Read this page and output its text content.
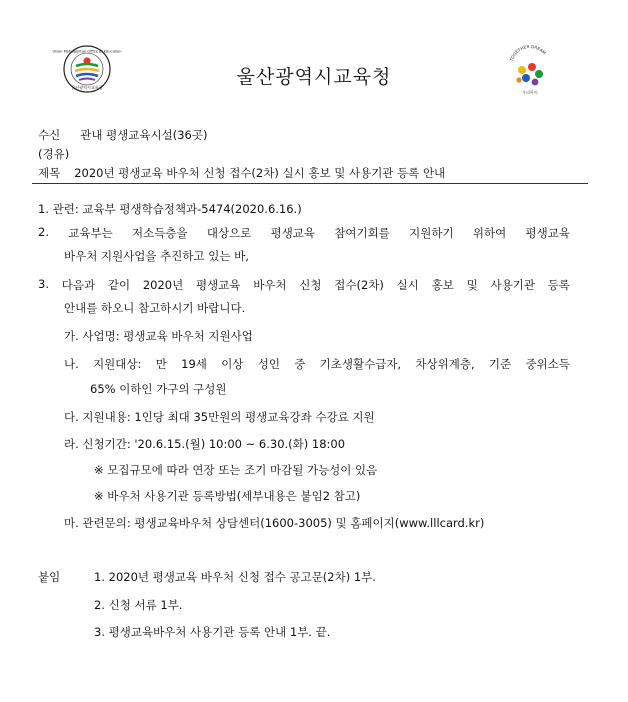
Ulsan Metropolitan Office of Education
울산광역시교육청	울산광역시교육청
TOGETHER DREAM
우리아이
수신 관내 평생교육시설(36곳)
(경유)
제목 2020년 평생교육 바우처 신청 접수(2차) 실시 홍보 및 사용기관 등록 안내
1. 관련: 교육부 평생학습정책과-5474(2020.6.16.)
2. 교육부는 저소득층을 대상으로 평생교육 참여기회를 지원하기 위하여 평생교육
바우처 지원사업을 추진하고 있는 바,
3. 다음과 같이 2020년 평생교육 바우처 신청 접수(2차) 실시 홍보 및 사용기관 등록
안내를 하오니 참고하시기 바랍니다.
가. 사업명: 평생교육 바우처 지원사업
나. 지원대상: 만 19세 이상 성인 중 기초생활수급자, 차상위계층, 기준 중위소득
65% 이하인 가구의 구성원
다. 지원내용: 1인당 최대 35만원의 평생교육강좌 수강료 지원
라. 신청기간: '20.6.15.(월) 10:00 ~ 6.30.(화) 18:00
※ 모집규모에 따라 연장 또는 조기 마감될 가능성이 있음
※ 바우처 사용기관 등록방법(세부내용은 붙임2 참고)
마. 관련문의: 평생교육바우처 상담센터(1600-3005) 및 홈페이지(www.lllcard.kr)
붙임	1. 2020년 평생교육 바우처 신청 접수 공고문(2차) 1부.
2. 신청 서류 1부.
3. 평생교육바우처 사용기관 등록 안내 1부. 끝.
